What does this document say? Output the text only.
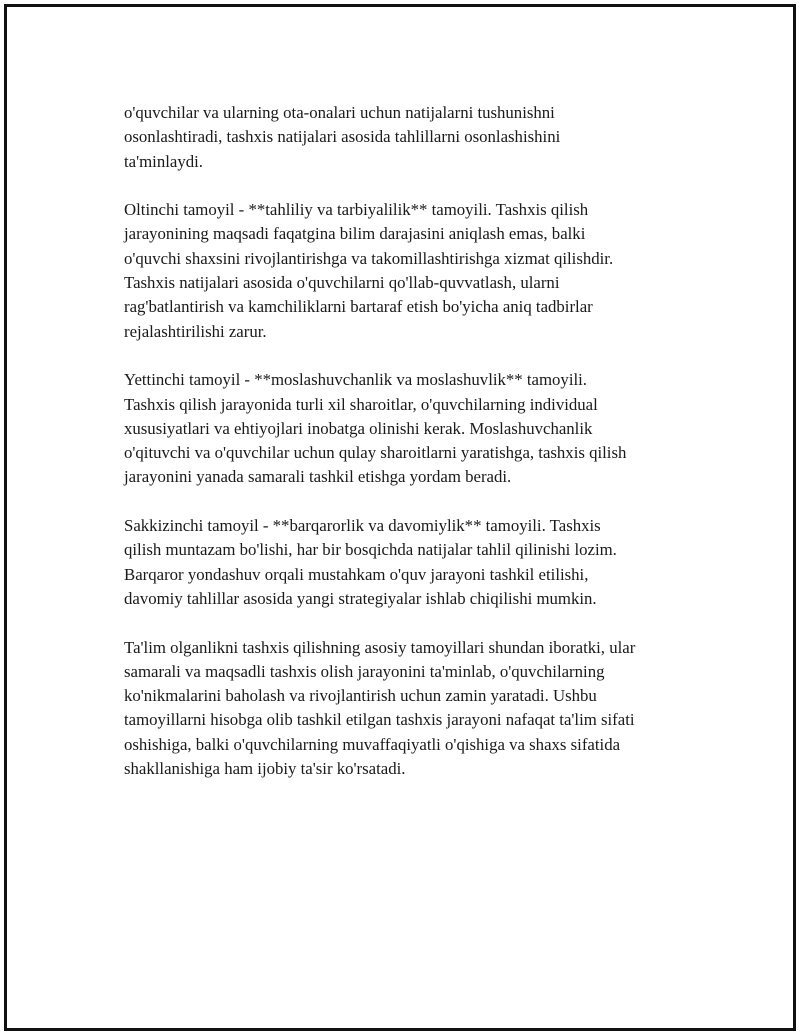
o'quvchilar va ularning ota-onalari uchun natijalarni tushunishni
osonlashtiradi, tashxis natijalari asosida tahlillarni osonlashishini
ta'minlaydi.

Oltinchi tamoyil - **tahliliy va tarbiyalilik** tamoyili. Tashxis qilish
jarayonining maqsadi faqatgina bilim darajasini aniqlash emas, balki
o'quvchi shaxsini rivojlantirishga va takomillashtirishga xizmat qilishdir.
Tashxis natijalari asosida o'quvchilarni qo'llab-quvvatlash, ularni
rag'batlantirish va kamchiliklarni bartaraf etish bo'yicha aniq tadbirlar
rejalashtirilishi zarur.

Yettinchi tamoyil - **moslashuvchanlik va moslashuvlik** tamoyili.
Tashxis qilish jarayonida turli xil sharoitlar, o'quvchilarning individual
xususiyatlari va ehtiyojlari inobatga olinishi kerak. Moslashuvchanlik
o'qituvchi va o'quvchilar uchun qulay sharoitlarni yaratishga, tashxis qilish
jarayonini yanada samarali tashkil etishga yordam beradi.

Sakkizinchi tamoyil - **barqarorlik va davomiylik** tamoyili. Tashxis
qilish muntazam bo'lishi, har bir bosqichda natijalar tahlil qilinishi lozim.
Barqaror yondashuv orqali mustahkam o'quv jarayoni tashkil etilishi,
davomiy tahlillar asosida yangi strategiyalar ishlab chiqilishi mumkin.

Ta'lim olganlikni tashxis qilishning asosiy tamoyillari shundan iboratki, ular
samarali va maqsadli tashxis olish jarayonini ta'minlab, o'quvchilarning
ko'nikmalarini baholash va rivojlantirish uchun zamin yaratadi. Ushbu
tamoyillarni hisobga olib tashkil etilgan tashxis jarayoni nafaqat ta'lim sifati
oshishiga, balki o'quvchilarning muvaffaqiyatli o'qishiga va shaxs sifatida
shakllanishiga ham ijobiy ta'sir ko'rsatadi.
